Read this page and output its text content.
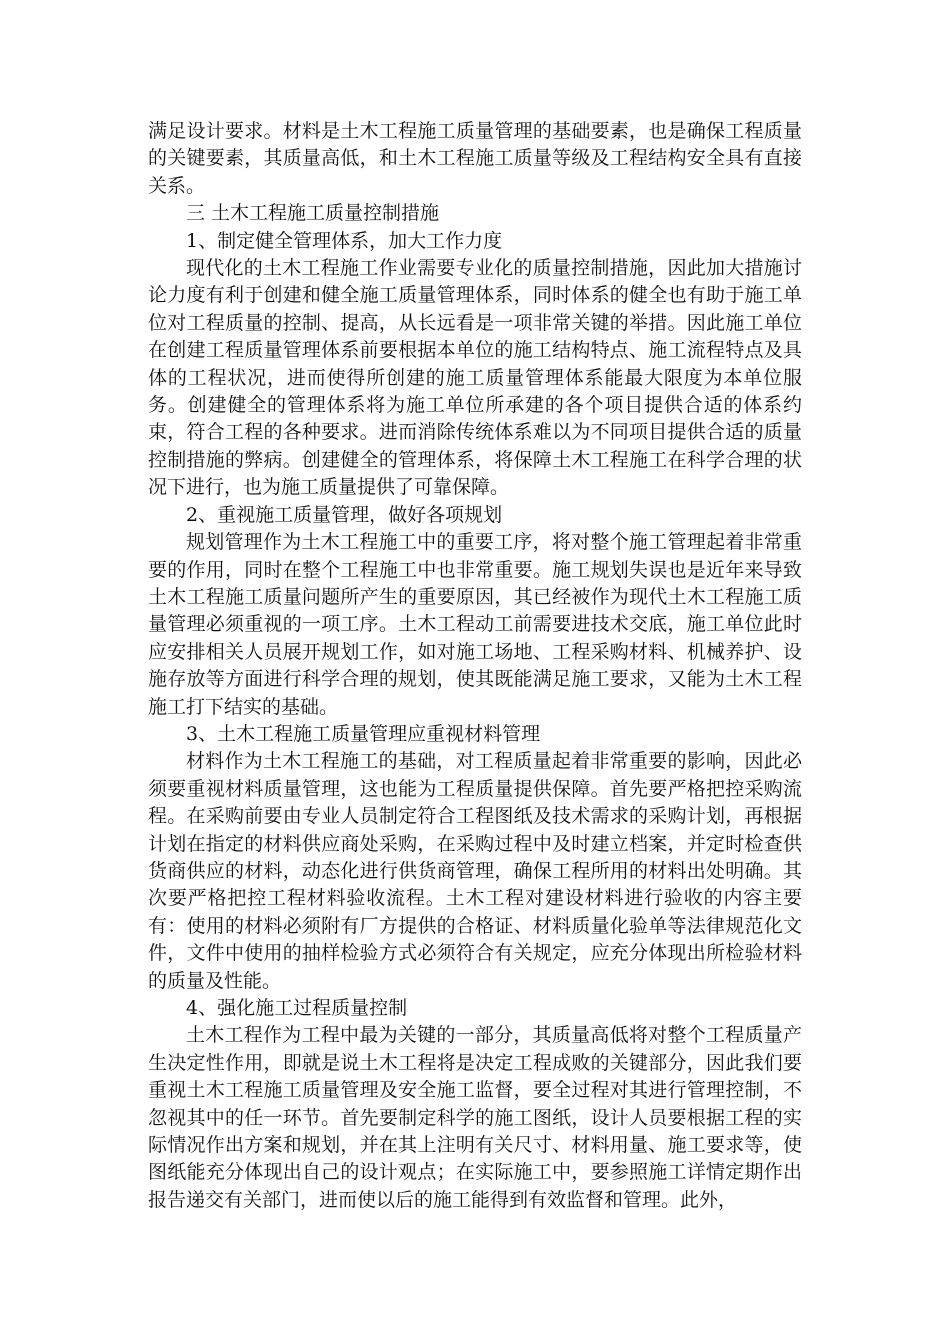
满足设计要求。材料是土木工程施工质量管理的基础要素，也是确保工程质量的关键要素，其质量高低，和土木工程施工质量等级及工程结构安全具有直接关系。

三 土木工程施工质量控制措施

1、制定健全管理体系，加大工作力度

现代化的土木工程施工作业需要专业化的质量控制措施，因此加大措施讨论力度有利于创建和健全施工质量管理体系，同时体系的健全也有助于施工单位对工程质量的控制、提高，从长远看是一项非常关键的举措。因此施工单位在创建工程质量管理体系前要根据本单位的施工结构特点、施工流程特点及具体的工程状况，进而使得所创建的施工质量管理体系能最大限度为本单位服务。创建健全的管理体系将为施工单位所承建的各个项目提供合适的体系约束，符合工程的各种要求。进而消除传统体系难以为不同项目提供合适的质量控制措施的弊病。创建健全的管理体系，将保障土木工程施工在科学合理的状况下进行，也为施工质量提供了可靠保障。

2、重视施工质量管理，做好各项规划

规划管理作为土木工程施工中的重要工序，将对整个施工管理起着非常重要的作用，同时在整个工程施工中也非常重要。施工规划失误也是近年来导致土木工程施工质量问题所产生的重要原因，其已经被作为现代土木工程施工质量管理必须重视的一项工序。土木工程动工前需要进技术交底，施工单位此时应安排相关人员展开规划工作，如对施工场地、工程采购材料、机械养护、设施存放等方面进行科学合理的规划，使其既能满足施工要求，又能为土木工程施工打下结实的基础。

3、土木工程施工质量管理应重视材料管理

材料作为土木工程施工的基础，对工程质量起着非常重要的影响，因此必须要重视材料质量管理，这也能为工程质量提供保障。首先要严格把控采购流程。在采购前要由专业人员制定符合工程图纸及技术需求的采购计划，再根据计划在指定的材料供应商处采购，在采购过程中及时建立档案，并定时检查供货商供应的材料，动态化进行供货商管理，确保工程所用的材料出处明确。其次要严格把控工程材料验收流程。土木工程对建设材料进行验收的内容主要有：使用的材料必须附有厂方提供的合格证、材料质量化验单等法律规范化文件，文件中使用的抽样检验方式必须符合有关规定，应充分体现出所检验材料的质量及性能。

4、强化施工过程质量控制

土木工程作为工程中最为关键的一部分，其质量高低将对整个工程质量产生决定性作用，即就是说土木工程将是决定工程成败的关键部分，因此我们要重视土木工程施工质量管理及安全施工监督，要全过程对其进行管理控制，不忽视其中的任一环节。首先要制定科学的施工图纸，设计人员要根据工程的实际情况作出方案和规划，并在其上注明有关尺寸、材料用量、施工要求等，使图纸能充分体现出自己的设计观点；在实际施工中，要参照施工详情定期作出报告递交有关部门，进而使以后的施工能得到有效监督和管理。此外，
